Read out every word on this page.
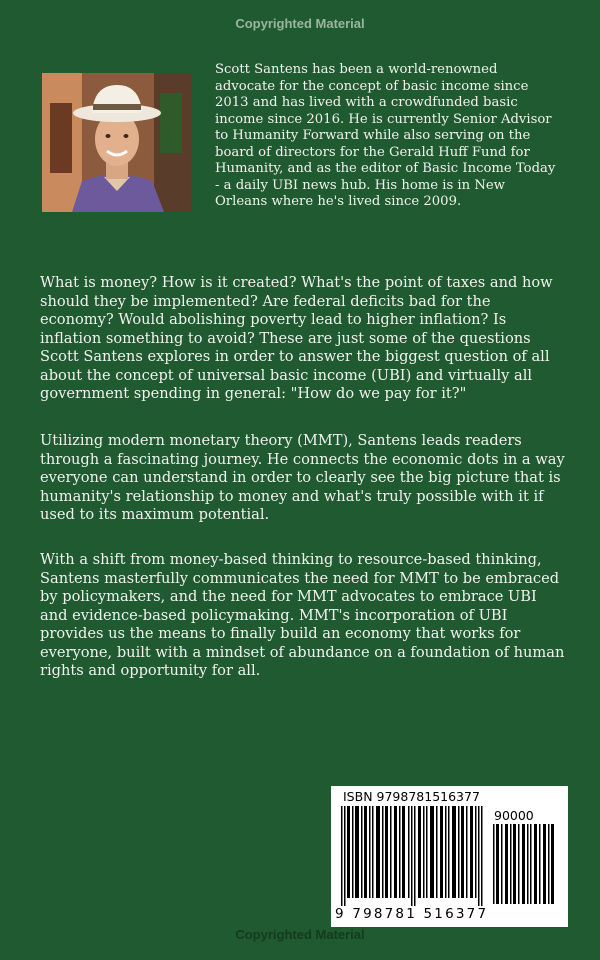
Copyrighted Material
Scott Santens has been a world-renowned advocate for the concept of basic income since 2013 and has lived with a crowdfunded basic income since 2016. He is currently Senior Advisor to Humanity Forward while also serving on the board of directors for the Gerald Huff Fund for Humanity, and as the editor of Basic Income Today - a daily UBI news hub. His home is in New Orleans where he's lived since 2009.

What is money? How is it created? What's the point of taxes and how should they be implemented? Are federal deficits bad for the economy? Would abolishing poverty lead to higher inflation? Is inflation something to avoid? These are just some of the questions Scott Santens explores in order to answer the biggest question of all about the concept of universal basic income (UBI) and virtually all government spending in general: "How do we pay for it?"

Utilizing modern monetary theory (MMT), Santens leads readers through a fascinating journey. He connects the economic dots in a way everyone can understand in order to clearly see the big picture that is humanity's relationship to money and what's truly possible with it if used to its maximum potential.

With a shift from money-based thinking to resource-based thinking, Santens masterfully communicates the need for MMT to be embraced by policymakers, and the need for MMT advocates to embrace UBI and evidence-based policymaking. MMT's incorporation of UBI provides us the means to finally build an economy that works for everyone, built with a mindset of abundance on a foundation of human rights and opportunity for all.

ISBN 9798781516377
90000
9 798781 516377
Copyrighted Material
